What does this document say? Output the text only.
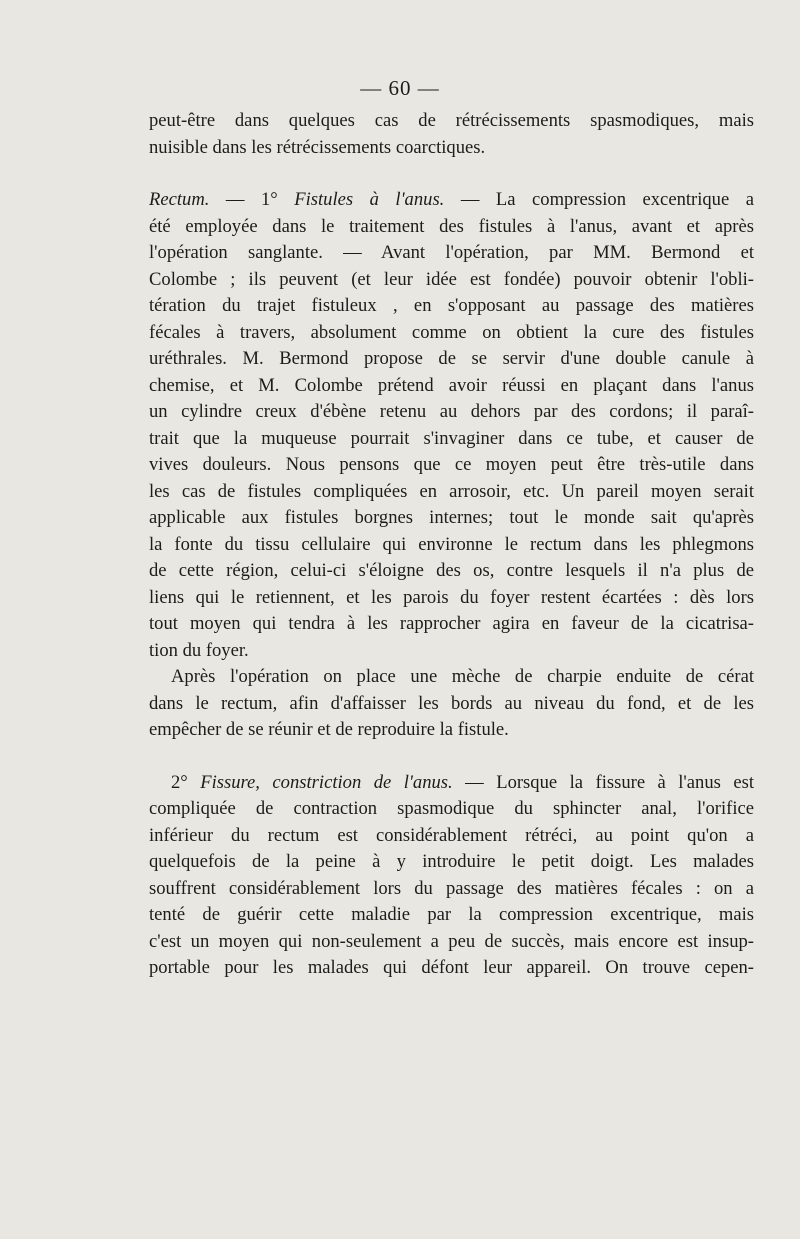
— 60 —
peut-être dans quelques cas de rétrécissements spasmodiques, mais
nuisible dans les rétrécissements coarctiques.
Rectum. — 1° Fistules à l'anus. — La compression excentrique a
été employée dans le traitement des fistules à l'anus, avant et après
l'opération sanglante. — Avant l'opération, par MM. Bermond et
Colombe ; ils peuvent (et leur idée est fondée) pouvoir obtenir l'obli-
tération du trajet fistuleux , en s'opposant au passage des matières
fécales à travers, absolument comme on obtient la cure des fistules
uréthrales. M. Bermond propose de se servir d'une double canule à
chemise, et M. Colombe prétend avoir réussi en plaçant dans l'anus
un cylindre creux d'ébène retenu au dehors par des cordons; il paraî-
trait que la muqueuse pourrait s'invaginer dans ce tube, et causer de
vives douleurs. Nous pensons que ce moyen peut être très-utile dans
les cas de fistules compliquées en arrosoir, etc. Un pareil moyen serait
applicable aux fistules borgnes internes; tout le monde sait qu'après
la fonte du tissu cellulaire qui environne le rectum dans les phlegmons
de cette région, celui-ci s'éloigne des os, contre lesquels il n'a plus de
liens qui le retiennent, et les parois du foyer restent écartées : dès lors
tout moyen qui tendra à les rapprocher agira en faveur de la cicatrisa-
tion du foyer.
Après l'opération on place une mèche de charpie enduite de cérat
dans le rectum, afin d'affaisser les bords au niveau du fond, et de les
empêcher de se réunir et de reproduire la fistule.
2° Fissure, constriction de l'anus. — Lorsque la fissure à l'anus est
compliquée de contraction spasmodique du sphincter anal, l'orifice
inférieur du rectum est considérablement rétréci, au point qu'on a
quelquefois de la peine à y introduire le petit doigt. Les malades
souffrent considérablement lors du passage des matières fécales : on a
tenté de guérir cette maladie par la compression excentrique, mais
c'est un moyen qui non-seulement a peu de succès, mais encore est insup-
portable pour les malades qui défont leur appareil. On trouve cepen-
